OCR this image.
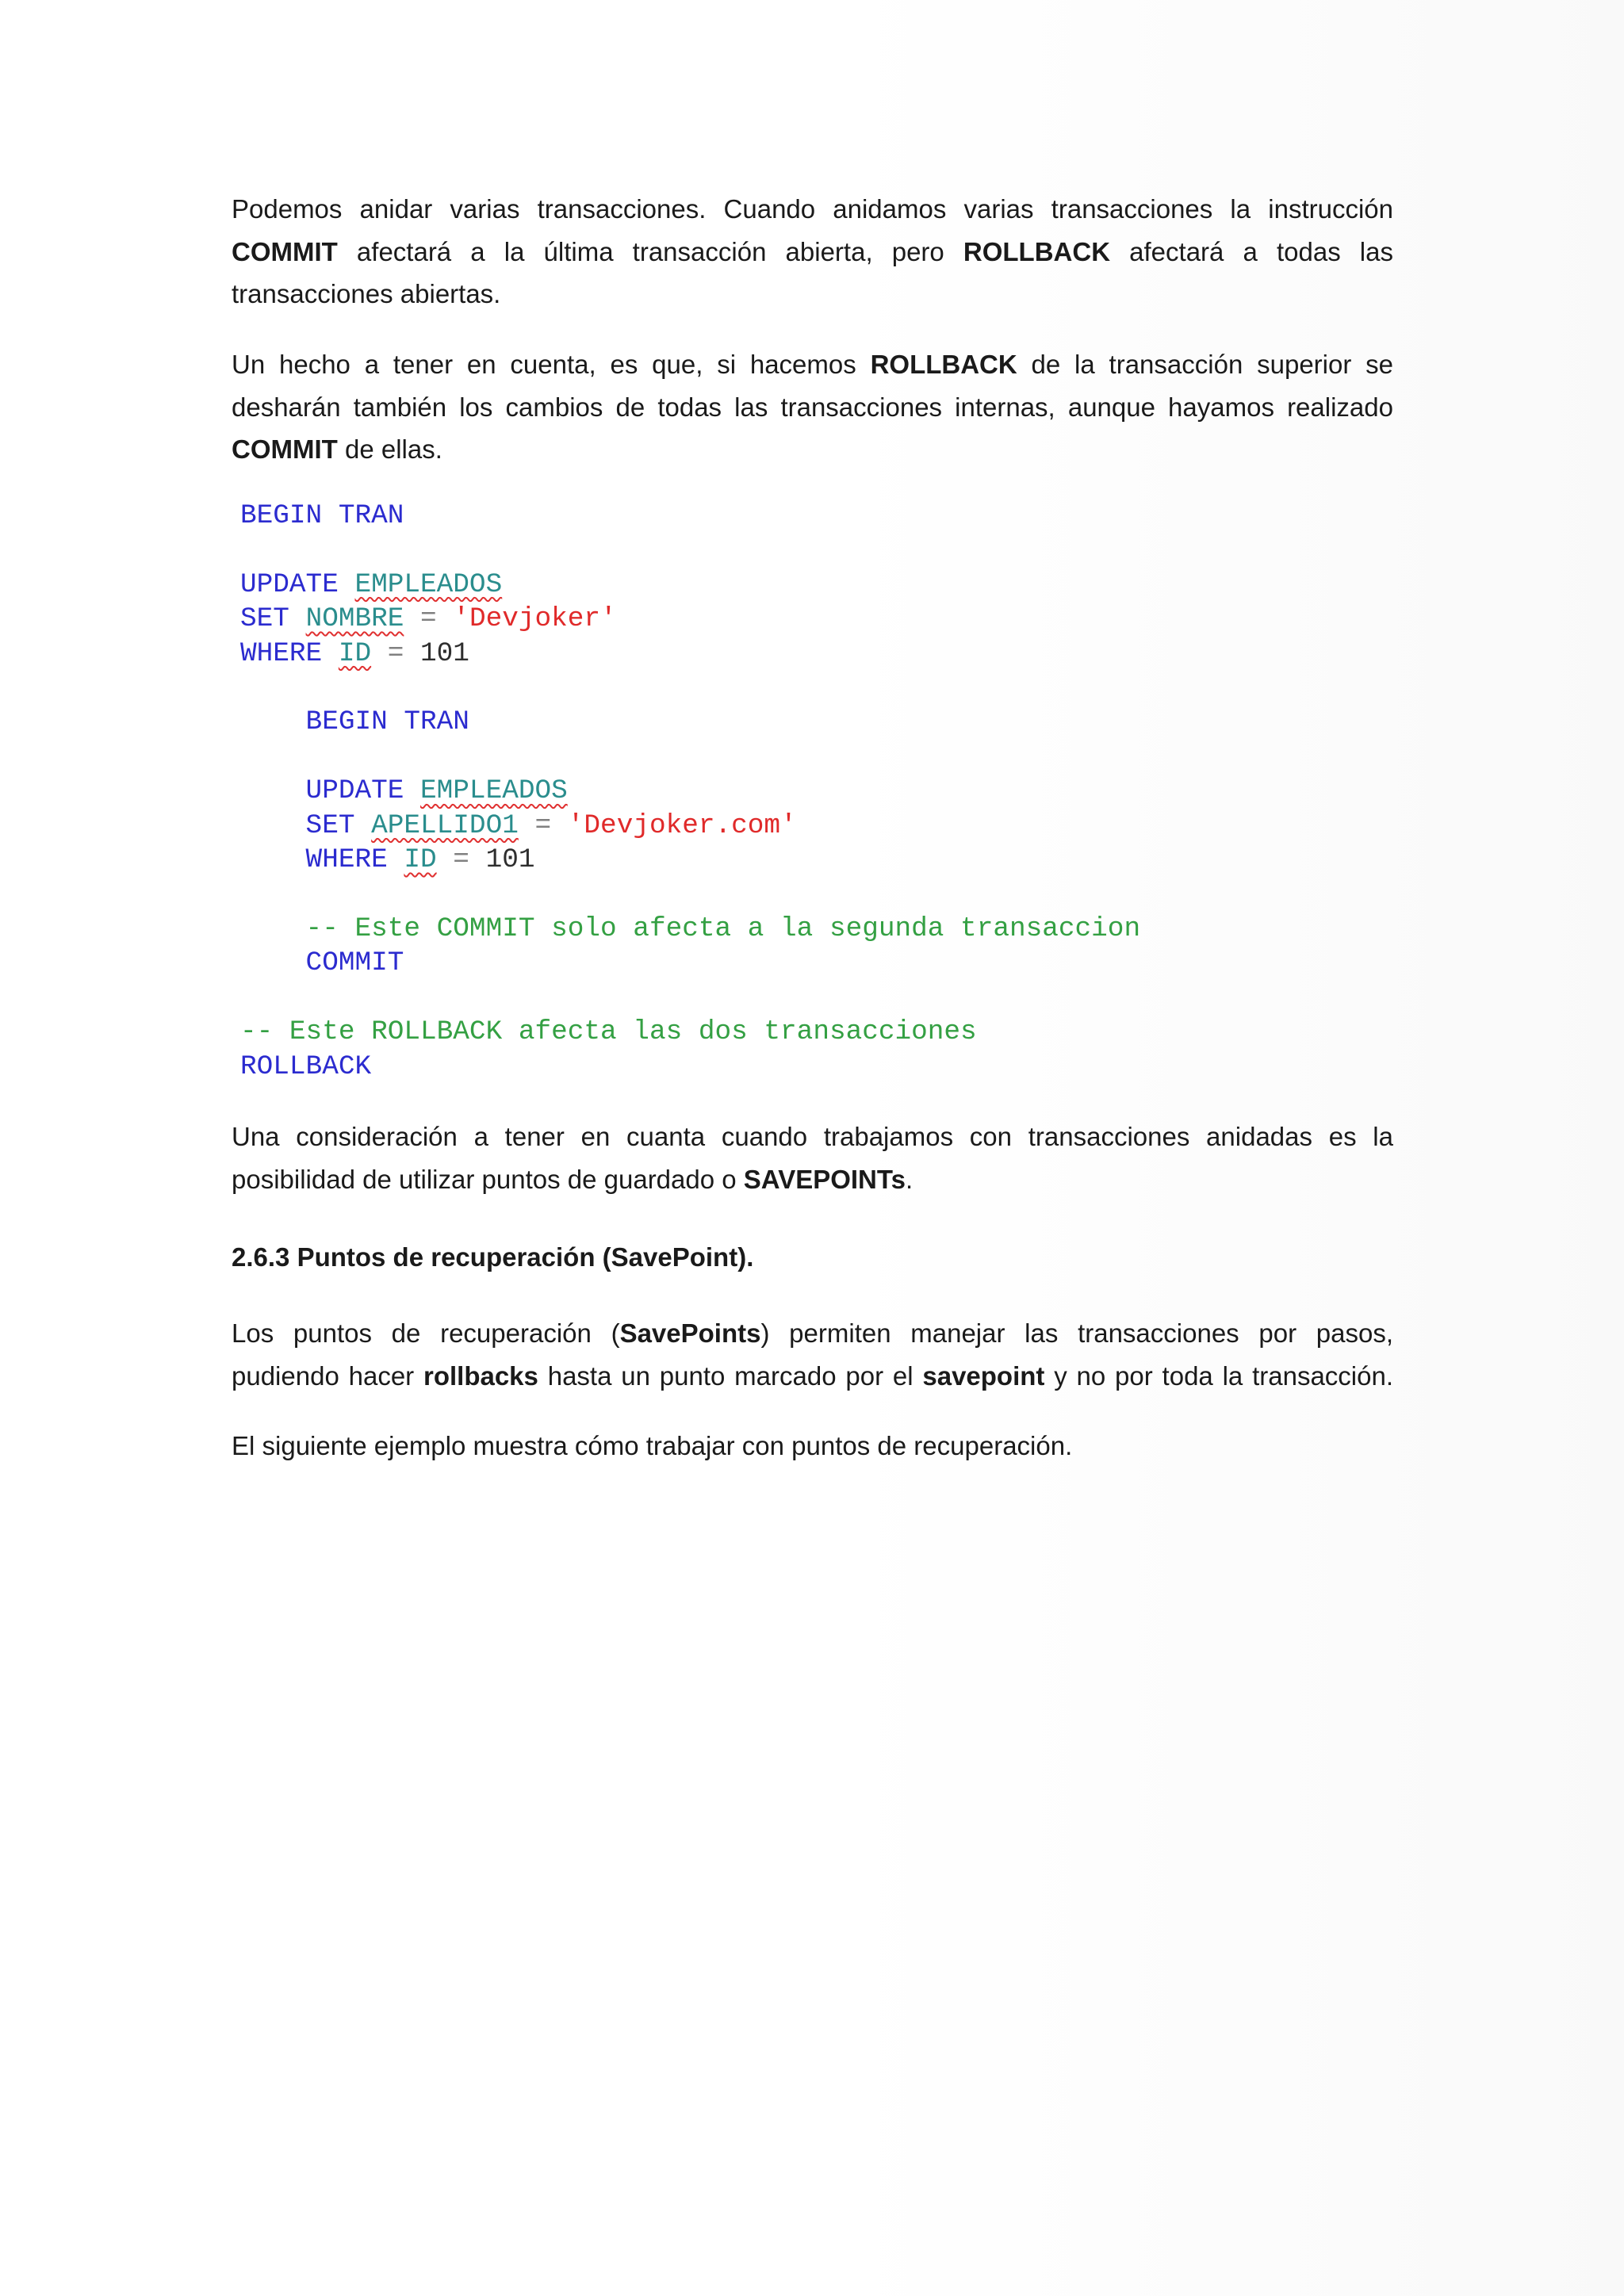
Podemos anidar varias transacciones. Cuando anidamos varias transacciones la instrucción
COMMIT afectará a la última transacción abierta, pero ROLLBACK afectará a todas las
transacciones abiertas.
Un hecho a tener en cuenta, es que, si hacemos ROLLBACK de la transacción superior se
desharán también los cambios de todas las transacciones internas, aunque hayamos realizado
COMMIT de ellas.
BEGIN TRAN
UPDATE EMPLEADOS
SET NOMBRE = 'Devjoker'
WHERE ID = 101
BEGIN TRAN
UPDATE EMPLEADOS
SET APELLIDO1 = 'Devjoker.com'
WHERE ID = 101
-- Este COMMIT solo afecta a la segunda transaccion
COMMIT
-- Este ROLLBACK afecta las dos transacciones
ROLLBACK
Una consideración a tener en cuanta cuando trabajamos con transacciones anidadas es la
posibilidad de utilizar puntos de guardado o SAVEPOINTs.
2.6.3 Puntos de recuperación (SavePoint).
Los puntos de recuperación (SavePoints) permiten manejar las transacciones por pasos,
pudiendo hacer rollbacks hasta un punto marcado por el savepoint y no por toda la transacción.
El siguiente ejemplo muestra cómo trabajar con puntos de recuperación.
